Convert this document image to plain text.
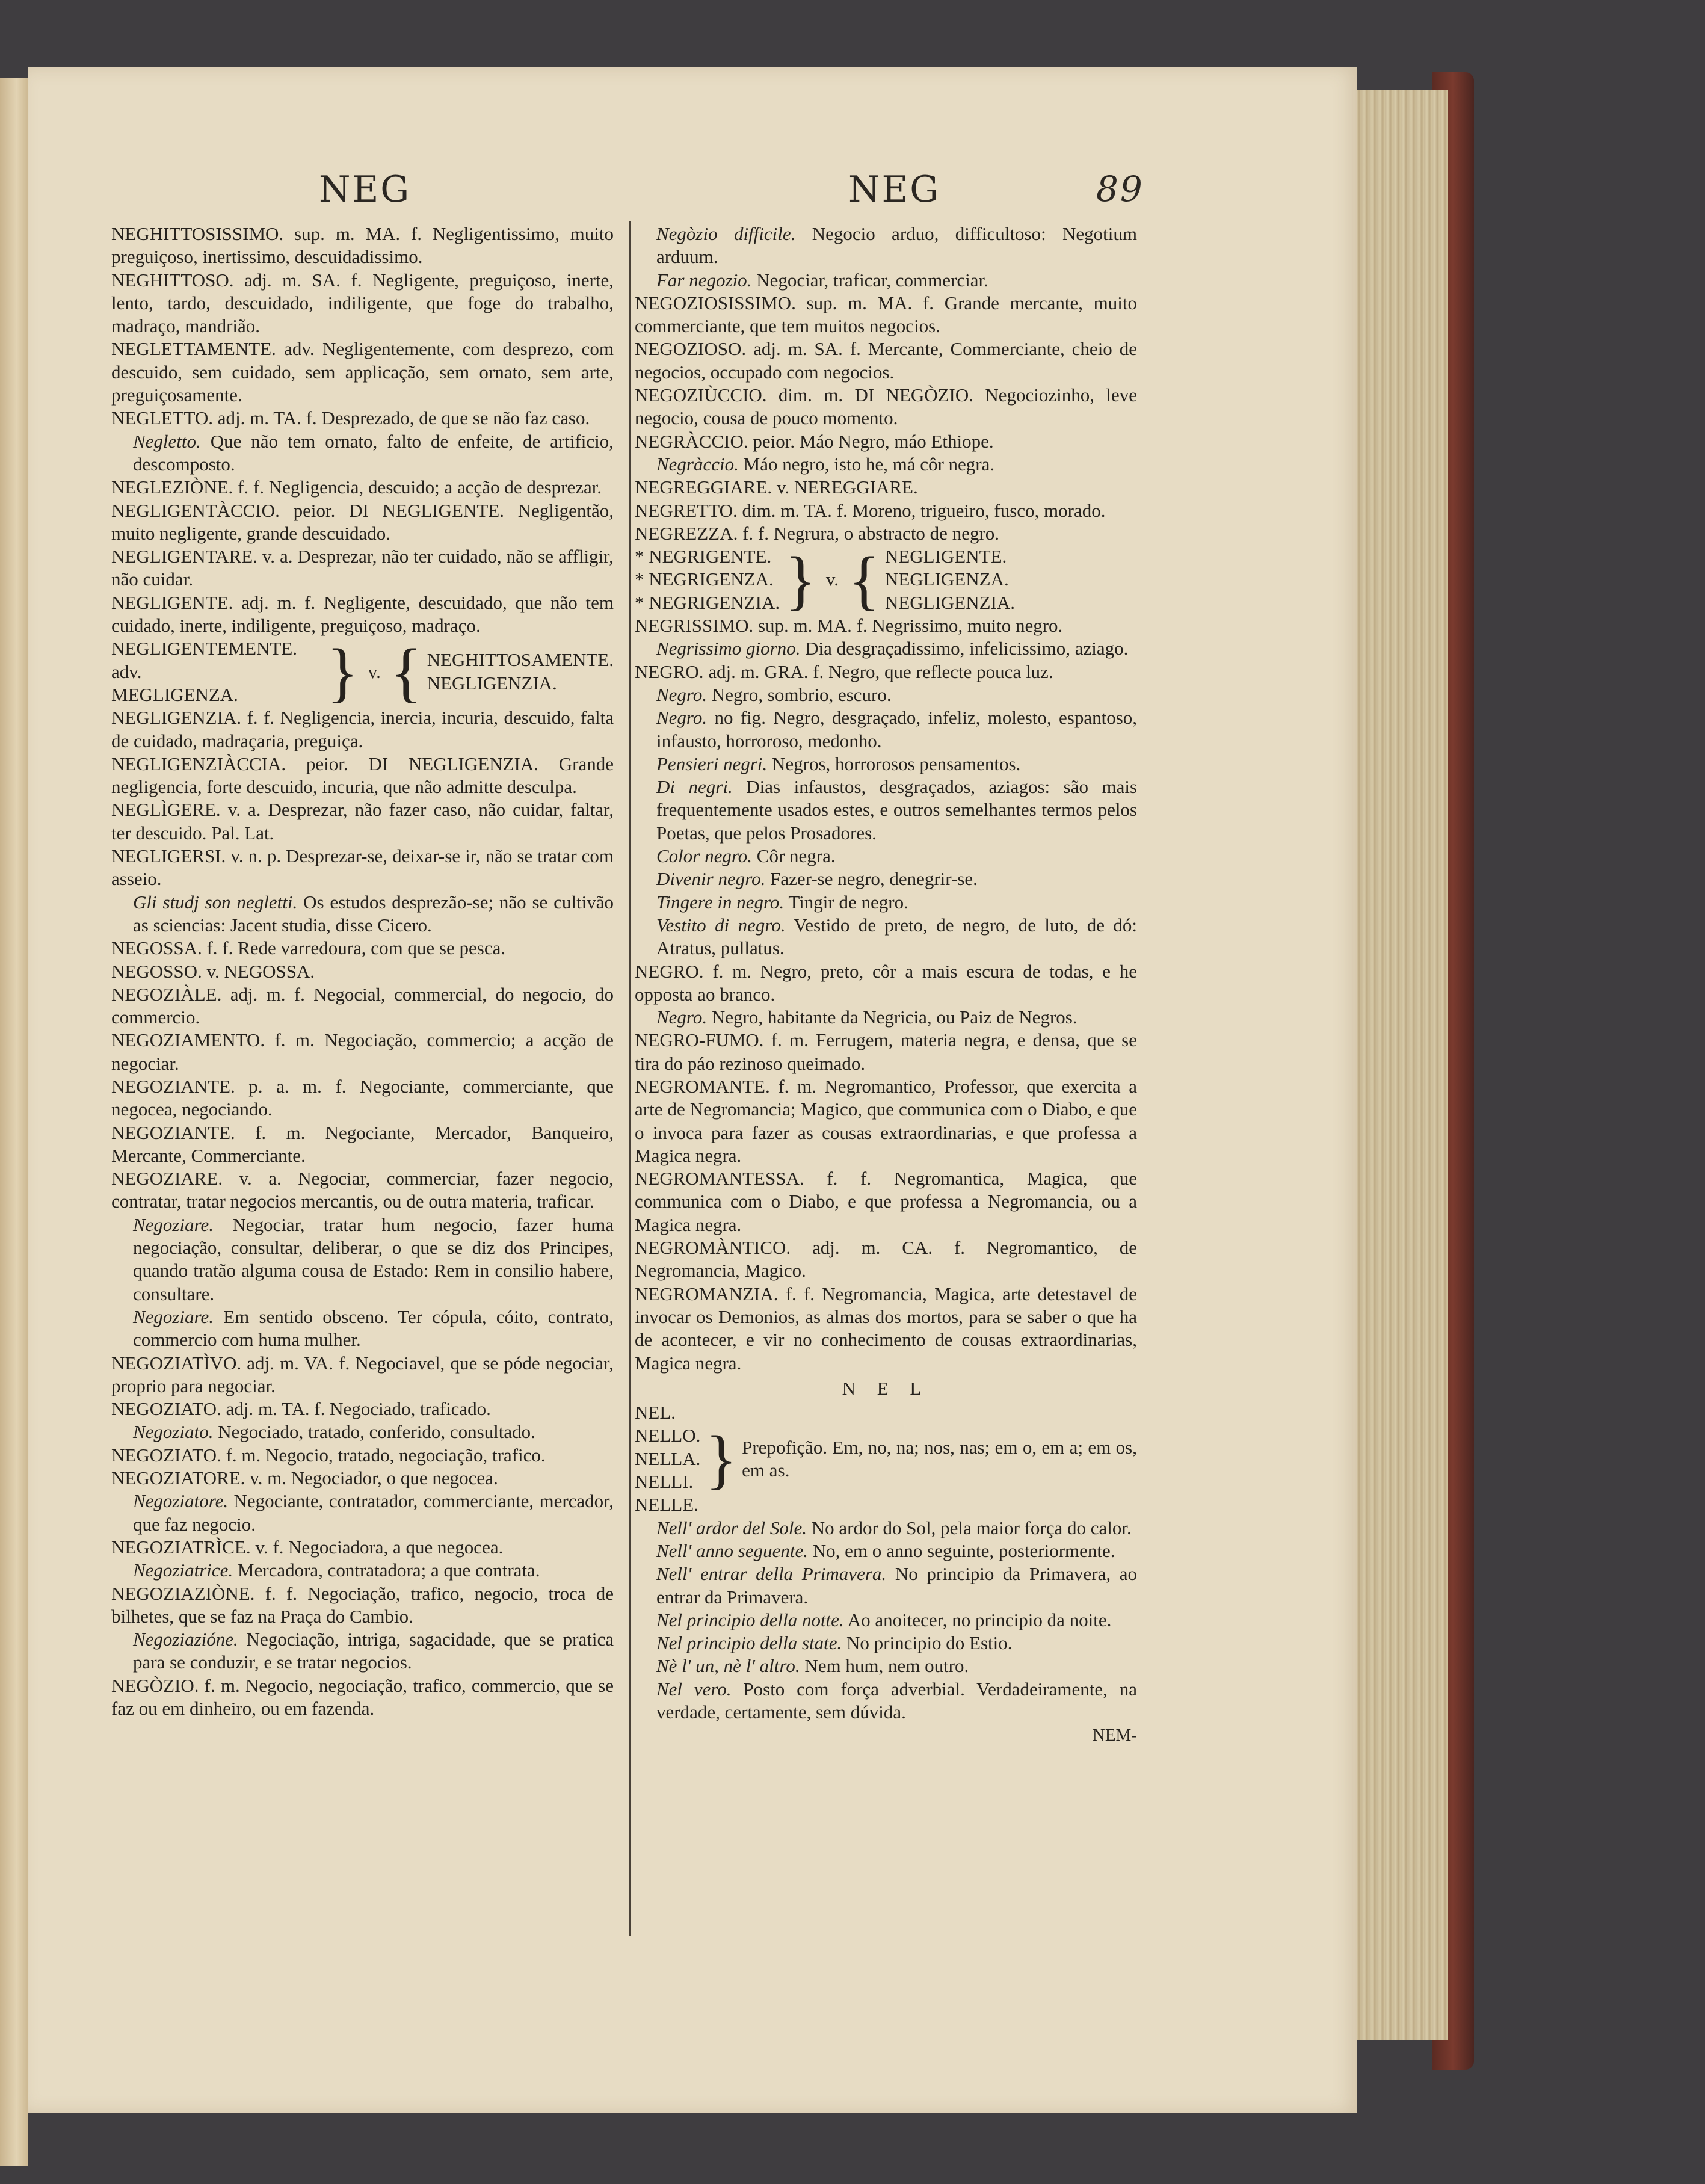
NEG	NEG	89

NEGHITTOSISSIMO. sup. m. MA. f. Negligentissimo, muito preguiçoso, inertissimo, descuidadissimo.

NEGHITTOSO. adj. m. SA. f. Negligente, preguiçoso, inerte, lento, tardo, descuidado, indiligente, que foge do trabalho, madraço, mandrião.

NEGLETTAMENTE. adv. Negligentemente, com desprezo, com descuido, sem cuidado, sem applicação, sem ornato, sem arte, preguiçosamente.

NEGLETTO. adj. m. TA. f. Desprezado, de que se não faz caso.

Negletto. Que não tem ornato, falto de enfeite, de artificio, descomposto.

NEGLEZIÒNE. f. f. Negligencia, descuido; a acção de desprezar.

NEGLIGENTÀCCIO. peior. DI NEGLIGENTE. Negligentão, muito negligente, grande descuidado.

NEGLIGENTARE. v. a. Desprezar, não ter cuidado, não se affligir, não cuidar.

NEGLIGENTE. adj. m. f. Negligente, descuidado, que não tem cuidado, inerte, indiligente, preguiçoso, madraço.

NEGLIGENTEMENTE. adv.
MEGLIGENZA.	} v. { NEGHITTOSAMENTE.
NEGLIGENZIA.

NEGLIGENZIA. f. f. Negligencia, inercia, incuria, descuido, falta de cuidado, madraçaria, preguiça.

NEGLIGENZIÀCCIA. peior. DI NEGLIGENZIA. Grande negligencia, forte descuido, incuria, que não admitte desculpa.

NEGLÌGERE. v. a. Desprezar, não fazer caso, não cuidar, faltar, ter descuido. Pal. Lat.

NEGLIGERSI. v. n. p. Desprezar-se, deixar-se ir, não se tratar com asseio.

Gli studj son negletti. Os estudos desprezão-se; não se cultivão as sciencias: Jacent studia, disse Cicero.

NEGOSSA. f. f. Rede varredoura, com que se pesca.

NEGOSSO. v. NEGOSSA.

NEGOZIÀLE. adj. m. f. Negocial, commercial, do negocio, do commercio.

NEGOZIAMENTO. f. m. Negociação, commercio; a acção de negociar.

NEGOZIANTE. p. a. m. f. Negociante, commerciante, que negocea, negociando.

NEGOZIANTE. f. m. Negociante, Mercador, Banqueiro, Mercante, Commerciante.

NEGOZIARE. v. a. Negociar, commerciar, fazer negocio, contratar, tratar negocios mercantis, ou de outra materia, traficar.

Negoziare. Negociar, tratar hum negocio, fazer huma negociação, consultar, deliberar, o que se diz dos Principes, quando tratão alguma cousa de Estado: Rem in consilio habere, consultare.

Negoziare. Em sentido obsceno. Ter cópula, cóito, contrato, commercio com huma mulher.

NEGOZIATÌVO. adj. m. VA. f. Negociavel, que se póde negociar, proprio para negociar.

NEGOZIATO. adj. m. TA. f. Negociado, traficado.

Negoziato. Negociado, tratado, conferido, consultado.

NEGOZIATO. f. m. Negocio, tratado, negociação, trafico.

NEGOZIATORE. v. m. Negociador, o que negocea.

Negoziatore. Negociante, contratador, commerciante, mercador, que faz negocio.

NEGOZIATRÌCE. v. f. Negociadora, a que negocea.

Negoziatrice. Mercadora, contratadora; a que contrata.

NEGOZIAZIÒNE. f. f. Negociação, trafico, negocio, troca de bilhetes, que se faz na Praça do Cambio.

Negoziazióne. Negociação, intriga, sagacidade, que se pratica para se conduzir, e se tratar negocios.

NEGÒZIO. f. m. Negocio, negociação, trafico, commercio, que se faz ou em dinheiro, ou em fazenda.

Negòzio difficile. Negocio arduo, difficultoso: Negotium arduum.

Far negozio. Negociar, traficar, commerciar.

NEGOZIOSISSIMO. sup. m. MA. f. Grande mercante, muito commerciante, que tem muitos negocios.

NEGOZIOSO. adj. m. SA. f. Mercante, Commerciante, cheio de negocios, occupado com negocios.

NEGOZIÙCCIO. dim. m. DI NEGÒZIO. Negociozinho, leve negocio, cousa de pouco momento.

NEGRÀCCIO. peior. Máo Negro, máo Ethiope.

Negràccio. Máo negro, isto he, má côr negra.

NEGREGGIARE. v. NEREGGIARE.

NEGRETTO. dim. m. TA. f. Moreno, trigueiro, fusco, morado.

NEGREZZA. f. f. Negrura, o abstracto de negro.

* NEGRIGENTE.
* NEGRIGENZA.
* NEGRIGENZIA. } v. { NEGLIGENTE.
NEGLIGENZA.
NEGLIGENZIA.

NEGRISSIMO. sup. m. MA. f. Negrissimo, muito negro.

Negrissimo giorno. Dia desgraçadissimo, infelicissimo, aziago.

NEGRO. adj. m. GRA. f. Negro, que reflecte pouca luz.

Negro. Negro, sombrio, escuro.

Negro. no fig. Negro, desgraçado, infeliz, molesto, espantoso, infausto, horroroso, medonho.

Pensieri negri. Negros, horrorosos pensamentos.

Di negri. Dias infaustos, desgraçados, aziagos: são mais frequentemente usados estes, e outros semelhantes termos pelos Poetas, que pelos Prosadores.

Color negro. Côr negra.

Divenir negro. Fazer-se negro, denegrir-se.

Tingere in negro. Tingir de negro.

Vestito di negro. Vestido de preto, de negro, de luto, de dó: Atratus, pullatus.

NEGRO. f. m. Negro, preto, côr a mais escura de todas, e he opposta ao branco.

Negro. Negro, habitante da Negricia, ou Paiz de Negros.

NEGRO-FUMO. f. m. Ferrugem, materia negra, e densa, que se tira do páo rezinoso queimado.

NEGROMANTE. f. m. Negromantico, Professor, que exercita a arte de Negromancia; Magico, que communica com o Diabo, e que o invoca para fazer as cousas extraordinarias, e que professa a Magica negra.

NEGROMANTESSA. f. f. Negromantica, Magica, que communica com o Diabo, e que professa a Negromancia, ou a Magica negra.

NEGROMÀNTICO. adj. m. CA. f. Negromantico, de Negromancia, Magico.

NEGROMANZIA. f. f. Negromancia, Magica, arte detestavel de invocar os Demonios, as almas dos mortos, para se saber o que ha de acontecer, e vir no conhecimento de cousas extraordinarias, Magica negra.

N E L
NEL.
NELLO.
NELLA.
NELLI.
NELLE.
} Prepofição. Em, no, na; nos, nas; em o, em a; em os, em as.

Nell' ardor del Sole. No ardor do Sol, pela maior força do calor.

Nell' anno seguente. No, em o anno seguinte, posteriormente.

Nell' entrar della Primavera. No principio da Primavera, ao entrar da Primavera.

Nel principio della notte. Ao anoitecer, no principio da noite.

Nel principio della state. No principio do Estio.

Nè l' un, nè l' altro. Nem hum, nem outro.

Nel vero. Posto com força adverbial. Verdadeiramente, na verdade, certamente, sem dúvida.

NEM-
